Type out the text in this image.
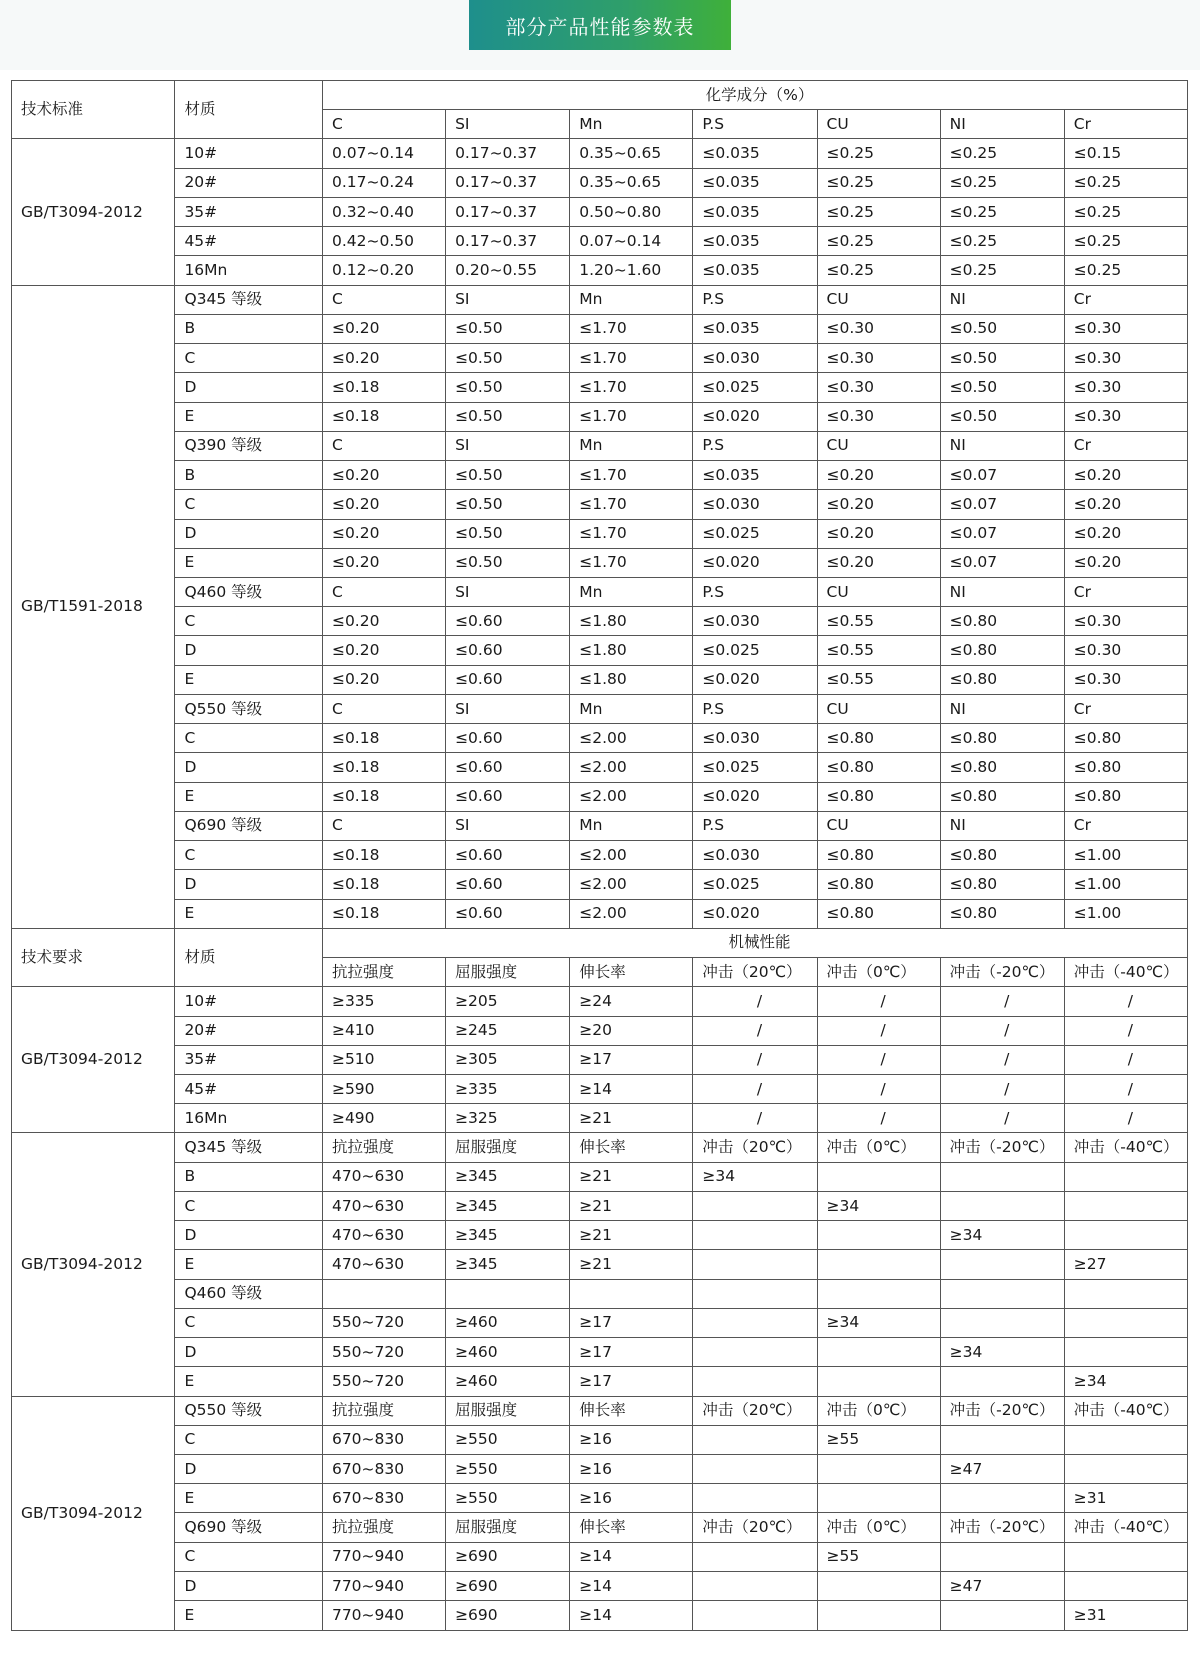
部分产品性能参数表
技术标准	材质	化学成分（%）						
		C	SI	Mn	P.S	CU	NI	Cr
GB/T3094-2012	10#	0.07~0.14	0.17~0.37	0.35~0.65	≤0.035	≤0.25	≤0.25	≤0.15
	20#	0.17~0.24	0.17~0.37	0.35~0.65	≤0.035	≤0.25	≤0.25	≤0.25
	35#	0.32~0.40	0.17~0.37	0.50~0.80	≤0.035	≤0.25	≤0.25	≤0.25
	45#	0.42~0.50	0.17~0.37	0.07~0.14	≤0.035	≤0.25	≤0.25	≤0.25
	16Mn	0.12~0.20	0.20~0.55	1.20~1.60	≤0.035	≤0.25	≤0.25	≤0.25
GB/T1591-2018	Q345 等级	C	SI	Mn	P.S	CU	NI	Cr
	B	≤0.20	≤0.50	≤1.70	≤0.035	≤0.30	≤0.50	≤0.30
	C	≤0.20	≤0.50	≤1.70	≤0.030	≤0.30	≤0.50	≤0.30
	D	≤0.18	≤0.50	≤1.70	≤0.025	≤0.30	≤0.50	≤0.30
	E	≤0.18	≤0.50	≤1.70	≤0.020	≤0.30	≤0.50	≤0.30
	Q390 等级	C	SI	Mn	P.S	CU	NI	Cr
	B	≤0.20	≤0.50	≤1.70	≤0.035	≤0.20	≤0.07	≤0.20
	C	≤0.20	≤0.50	≤1.70	≤0.030	≤0.20	≤0.07	≤0.20
	D	≤0.20	≤0.50	≤1.70	≤0.025	≤0.20	≤0.07	≤0.20
	E	≤0.20	≤0.50	≤1.70	≤0.020	≤0.20	≤0.07	≤0.20
	Q460 等级	C	SI	Mn	P.S	CU	NI	Cr
	C	≤0.20	≤0.60	≤1.80	≤0.030	≤0.55	≤0.80	≤0.30
	D	≤0.20	≤0.60	≤1.80	≤0.025	≤0.55	≤0.80	≤0.30
	E	≤0.20	≤0.60	≤1.80	≤0.020	≤0.55	≤0.80	≤0.30
	Q550 等级	C	SI	Mn	P.S	CU	NI	Cr
	C	≤0.18	≤0.60	≤2.00	≤0.030	≤0.80	≤0.80	≤0.80
	D	≤0.18	≤0.60	≤2.00	≤0.025	≤0.80	≤0.80	≤0.80
	E	≤0.18	≤0.60	≤2.00	≤0.020	≤0.80	≤0.80	≤0.80
	Q690 等级	C	SI	Mn	P.S	CU	NI	Cr
	C	≤0.18	≤0.60	≤2.00	≤0.030	≤0.80	≤0.80	≤1.00
	D	≤0.18	≤0.60	≤2.00	≤0.025	≤0.80	≤0.80	≤1.00
	E	≤0.18	≤0.60	≤2.00	≤0.020	≤0.80	≤0.80	≤1.00
技术要求	材质	机械性能						
		抗拉强度	屈服强度	伸长率	冲击（20℃）	冲击（0℃）	冲击（-20℃）	冲击（-40℃）
GB/T3094-2012	10#	≥335	≥205	≥24	/	/	/	/
	20#	≥410	≥245	≥20	/	/	/	/
	35#	≥510	≥305	≥17	/	/	/	/
	45#	≥590	≥335	≥14	/	/	/	/
	16Mn	≥490	≥325	≥21	/	/	/	/
GB/T3094-2012	Q345 等级	抗拉强度	屈服强度	伸长率	冲击（20℃）	冲击（0℃）	冲击（-20℃）	冲击（-40℃）
	B	470~630	≥345	≥21	≥34			
	C	470~630	≥345	≥21		≥34		
	D	470~630	≥345	≥21			≥34	
	E	470~630	≥345	≥21				≥27
	Q460 等级							
	C	550~720	≥460	≥17		≥34		
	D	550~720	≥460	≥17			≥34	
	E	550~720	≥460	≥17				≥34
GB/T3094-2012	Q550 等级	抗拉强度	屈服强度	伸长率	冲击（20℃）	冲击（0℃）	冲击（-20℃）	冲击（-40℃）
	C	670~830	≥550	≥16		≥55		
	D	670~830	≥550	≥16			≥47	
	E	670~830	≥550	≥16				≥31
	Q690 等级	抗拉强度	屈服强度	伸长率	冲击（20℃）	冲击（0℃）	冲击（-20℃）	冲击（-40℃）
	C	770~940	≥690	≥14		≥55		
	D	770~940	≥690	≥14			≥47	
	E	770~940	≥690	≥14				≥31
